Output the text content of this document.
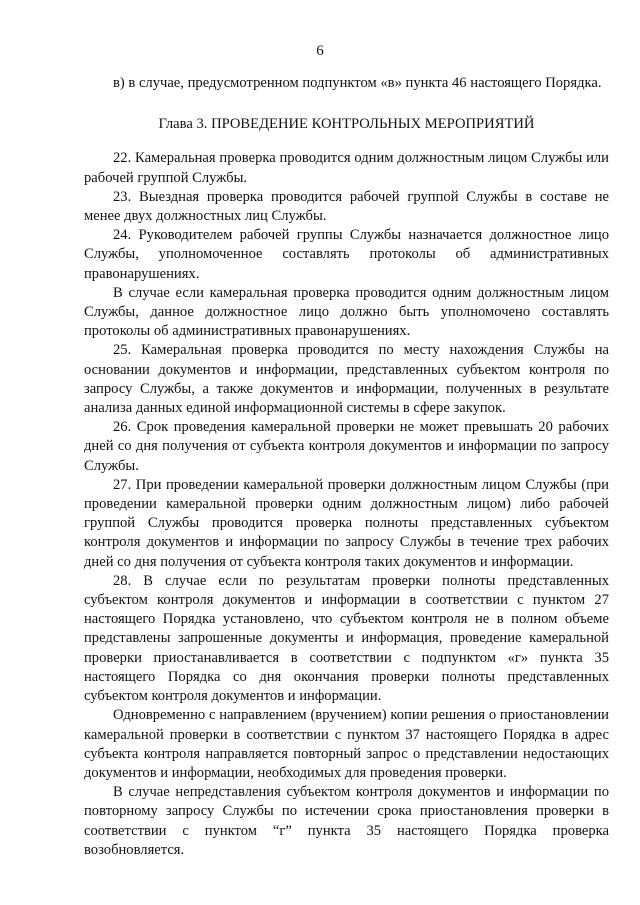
6

в) в случае, предусмотренном подпунктом «в» пункта 46 настоящего Порядка.

Глава 3. ПРОВЕДЕНИЕ КОНТРОЛЬНЫХ МЕРОПРИЯТИЙ

22. Камеральная проверка проводится одним должностным лицом Службы или рабочей группой Службы.

23. Выездная проверка проводится рабочей группой Службы в составе не менее двух должностных лиц Службы.

24. Руководителем рабочей группы Службы назначается должностное лицо Службы, уполномоченное составлять протоколы об административных правонарушениях.

В случае если камеральная проверка проводится одним должностным лицом Службы, данное должностное лицо должно быть уполномочено составлять протоколы об административных правонарушениях.

25. Камеральная проверка проводится по месту нахождения Службы на основании документов и информации, представленных субъектом контроля по запросу Службы, а также документов и информации, полученных в результате анализа данных единой информационной системы в сфере закупок.

26. Срок проведения камеральной проверки не может превышать 20 рабочих дней со дня получения от субъекта контроля документов и информации по запросу Службы.

27. При проведении камеральной проверки должностным лицом Службы (при проведении камеральной проверки одним должностным лицом) либо рабочей группой Службы проводится проверка полноты представленных субъектом контроля документов и информации по запросу Службы в течение трех рабочих дней со дня получения от субъекта контроля таких документов и информации.

28. В случае если по результатам проверки полноты представленных субъектом контроля документов и информации в соответствии с пунктом 27 настоящего Порядка установлено, что субъектом контроля не в полном объеме представлены запрошенные документы и информация, проведение камеральной проверки приостанавливается в соответствии с подпунктом «г» пункта 35 настоящего Порядка со дня окончания проверки полноты представленных субъектом контроля документов и информации.

Одновременно с направлением (вручением) копии решения о приостановлении камеральной проверки в соответствии с пунктом 37 настоящего Порядка в адрес субъекта контроля направляется повторный запрос о представлении недостающих документов и информации, необходимых для проведения проверки.

В случае непредставления субъектом контроля документов и информации по повторному запросу Службы по истечении срока приостановления проверки в соответствии с пунктом “г” пункта 35 настоящего Порядка проверка возобновляется.
